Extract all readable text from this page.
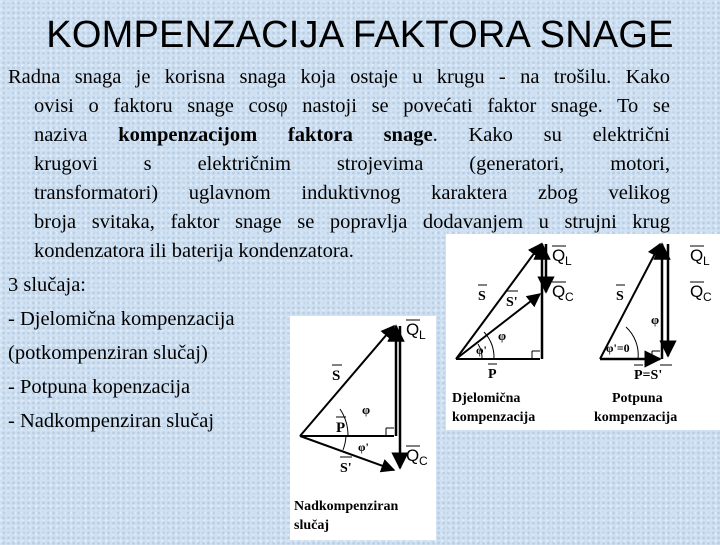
KOMPENZACIJA FAKTORA SNAGE
Radna snaga je korisna snaga koja ostaje u krugu - na trošilu. Kako
ovisi o faktoru snage cosφ nastoji se povećati faktor snage. To se
naziva kompenzacijom faktora snage. Kako su električni
krugovi s električnim strojevima (generatori, motori,
transformatori) uglavnom induktivnog karaktera zbog velikog
broja svitaka, faktor snage se popravlja dodavanjem u strujni krug
kondenzatora ili baterija kondenzatora.
3 slučaja:
- Djelomična kompenzacija
(potkompenziran slučaj)
- Potpuna kopenzacija
- Nadkompenziran slučaj
S S'
φ
φ'
P
Q L
Q C
Djelomična
kompenzacija
S
φ
φ'=0
P=S'
Q L
Q C
Potpuna
kompenzacija
S
φ
P
φ'
S'
Q L
Q C
Nadkompenziran
slučaj
